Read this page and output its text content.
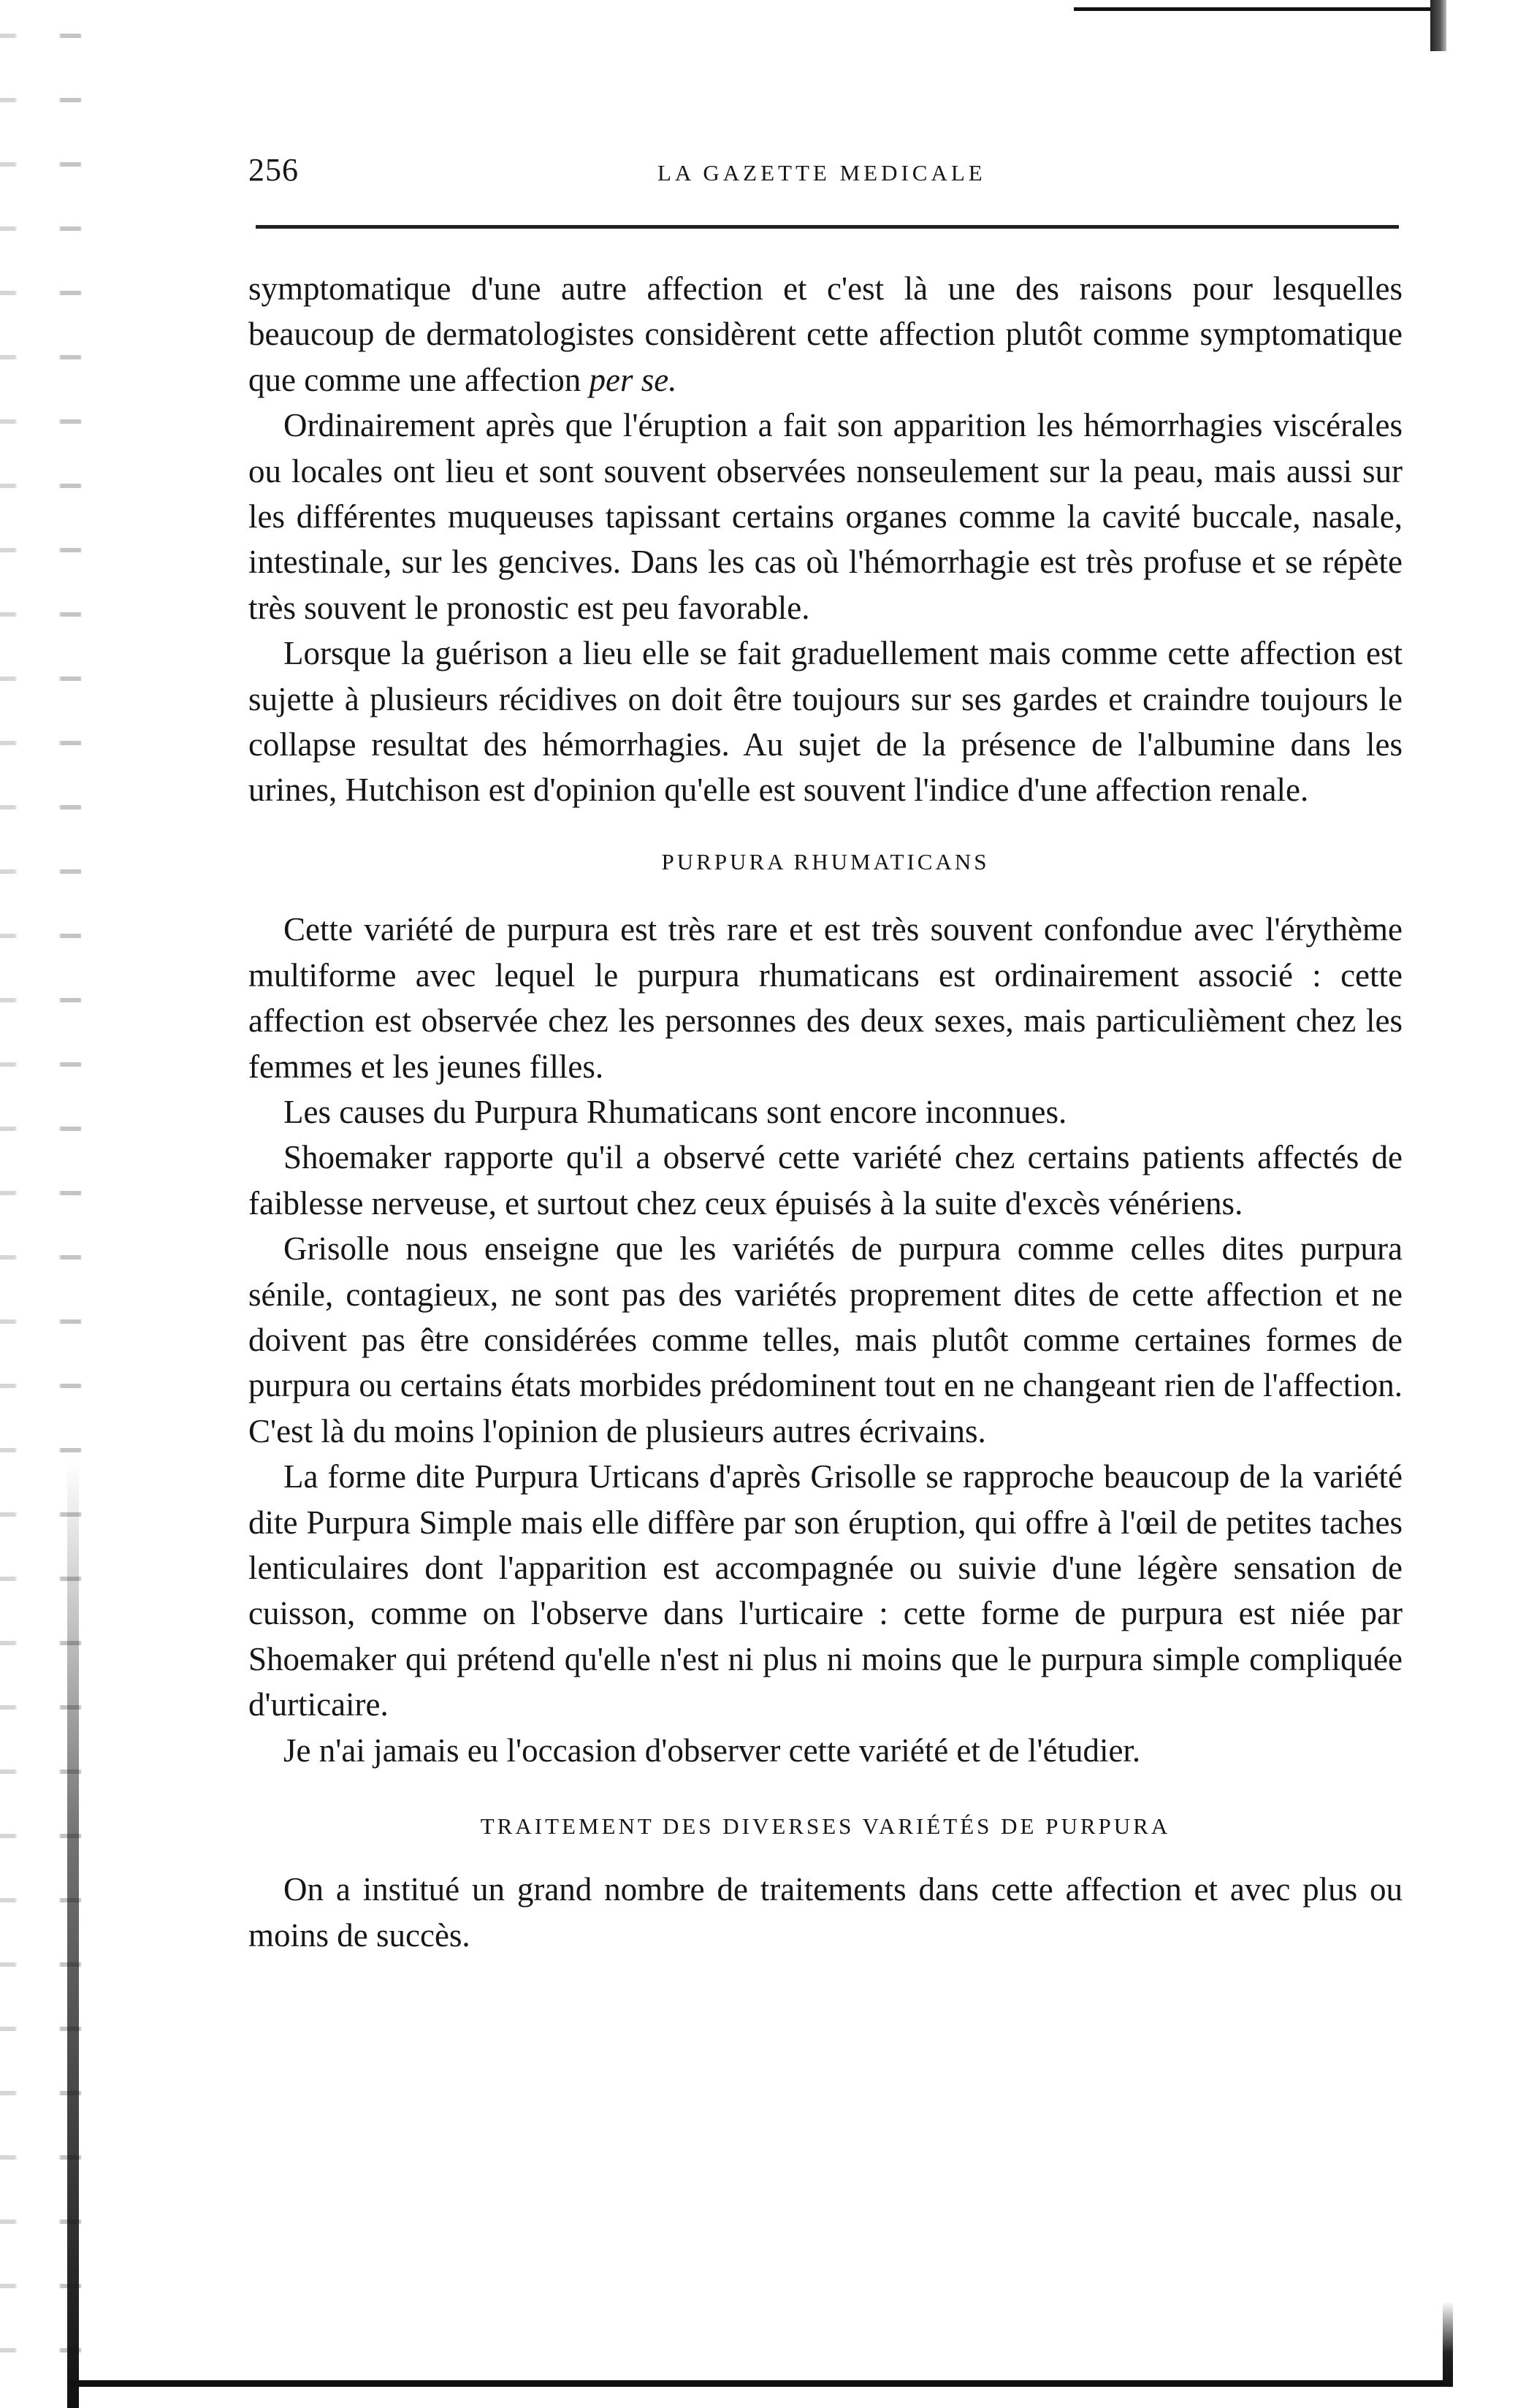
256	LA GAZETTE MEDICALE

symptomatique d'une autre affection et c'est là une des raisons pour lesquelles beaucoup de dermatologistes considèrent cette affection plutôt comme symptomatique que comme une affection per se.

Ordinairement après que l'éruption a fait son apparition les hémorrhagies viscérales ou locales ont lieu et sont souvent observées nonseulement sur la peau, mais aussi sur les différentes muqueuses tapissant certains organes comme la cavité buccale, nasale, intestinale, sur les gencives. Dans les cas où l'hémorrhagie est très profuse et se répète très souvent le pronostic est peu favorable.

Lorsque la guérison a lieu elle se fait graduellement mais comme cette affection est sujette à plusieurs récidives on doit être toujours sur ses gardes et craindre toujours le collapse resultat des hémorrhagies. Au sujet de la présence de l'albumine dans les urines, Hutchison est d'opinion qu'elle est souvent l'indice d'une affection renale.

PURPURA RHUMATICANS

Cette variété de purpura est très rare et est très souvent confondue avec l'érythème multiforme avec lequel le purpura rhumaticans est ordinairement associé : cette affection est observée chez les personnes des deux sexes, mais particulièment chez les femmes et les jeunes filles.

Les causes du Purpura Rhumaticans sont encore inconnues.

Shoemaker rapporte qu'il a observé cette variété chez certains patients affectés de faiblesse nerveuse, et surtout chez ceux épuisés à la suite d'excès vénériens.

Grisolle nous enseigne que les variétés de purpura comme celles dites purpura sénile, contagieux, ne sont pas des variétés proprement dites de cette affection et ne doivent pas être considérées comme telles, mais plutôt comme certaines formes de purpura ou certains états morbides prédominent tout en ne changeant rien de l'affection. C'est là du moins l'opinion de plusieurs autres écrivains.

La forme dite Purpura Urticans d'après Grisolle se rapproche beaucoup de la variété dite Purpura Simple mais elle diffère par son éruption, qui offre à l'œil de petites taches lenticulaires dont l'apparition est accompagnée ou suivie d'une légère sensation de cuisson, comme on l'observe dans l'urticaire : cette forme de purpura est niée par Shoemaker qui prétend qu'elle n'est ni plus ni moins que le purpura simple compliquée d'urticaire.

Je n'ai jamais eu l'occasion d'observer cette variété et de l'étudier.

TRAITEMENT DES DIVERSES VARIÉTÉS DE PURPURA

On a institué un grand nombre de traitements dans cette affection et avec plus ou moins de succès.
